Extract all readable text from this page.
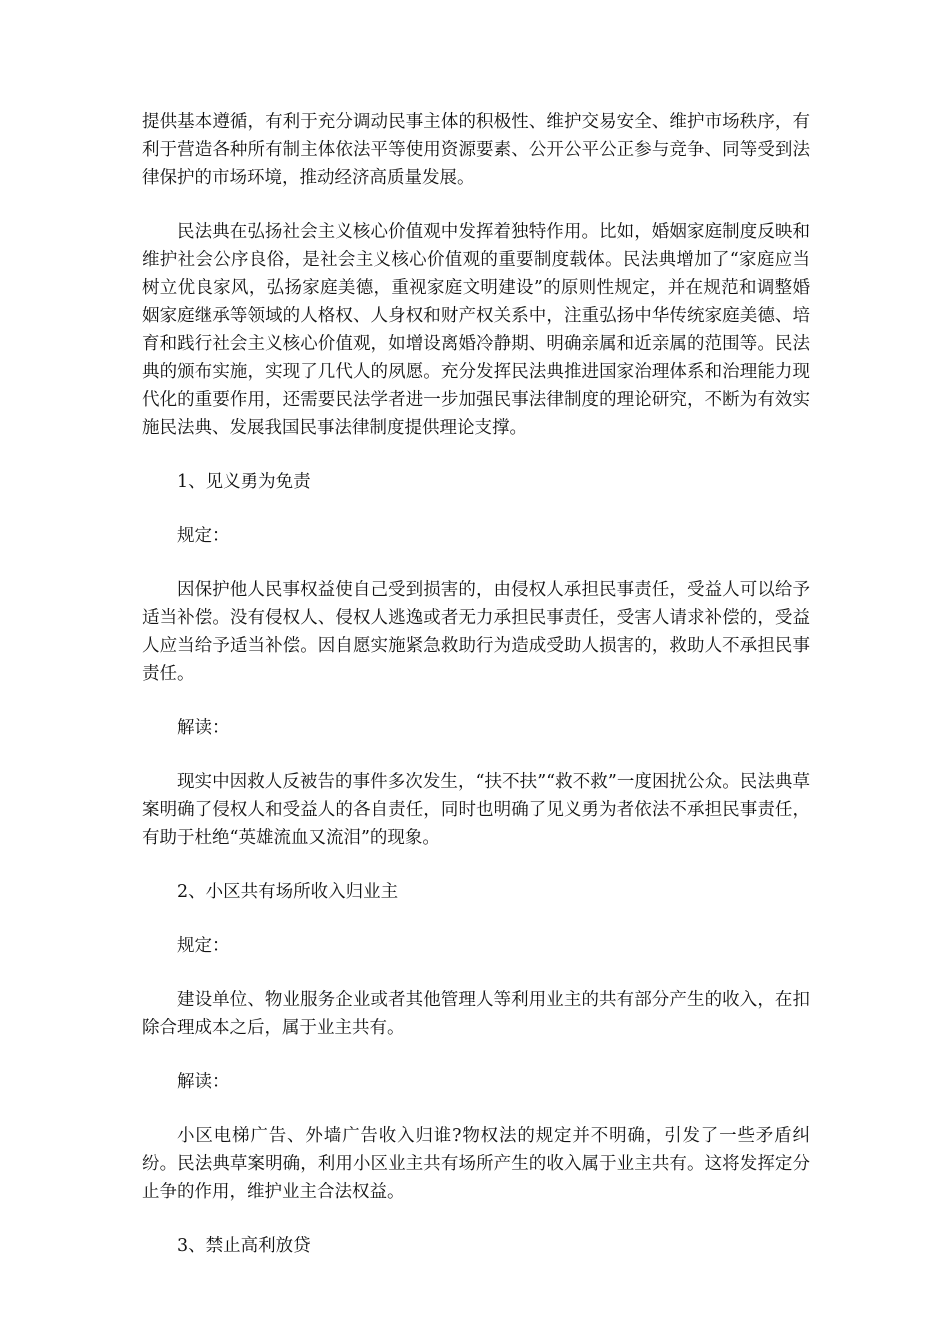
提供基本遵循，有利于充分调动民事主体的积极性、维护交易安全、维护市场秩序，有利于营造各种所有制主体依法平等使用资源要素、公开公平公正参与竞争、同等受到法律保护的市场环境，推动经济高质量发展。

民法典在弘扬社会主义核心价值观中发挥着独特作用。比如，婚姻家庭制度反映和维护社会公序良俗，是社会主义核心价值观的重要制度载体。民法典增加了“家庭应当树立优良家风，弘扬家庭美德，重视家庭文明建设”的原则性规定，并在规范和调整婚姻家庭继承等领域的人格权、人身权和财产权关系中，注重弘扬中华传统家庭美德、培育和践行社会主义核心价值观，如增设离婚冷静期、明确亲属和近亲属的范围等。民法典的颁布实施，实现了几代人的夙愿。充分发挥民法典推进国家治理体系和治理能力现代化的重要作用，还需要民法学者进一步加强民事法律制度的理论研究，不断为有效实施民法典、发展我国民事法律制度提供理论支撑。

1、见义勇为免责

规定：

因保护他人民事权益使自己受到损害的，由侵权人承担民事责任，受益人可以给予适当补偿。没有侵权人、侵权人逃逸或者无力承担民事责任，受害人请求补偿的，受益人应当给予适当补偿。因自愿实施紧急救助行为造成受助人损害的，救助人不承担民事责任。

解读：

现实中因救人反被告的事件多次发生，“扶不扶”“救不救”一度困扰公众。民法典草案明确了侵权人和受益人的各自责任，同时也明确了见义勇为者依法不承担民事责任，有助于杜绝“英雄流血又流泪”的现象。

2、小区共有场所收入归业主

规定：

建设单位、物业服务企业或者其他管理人等利用业主的共有部分产生的收入，在扣除合理成本之后，属于业主共有。

解读：

小区电梯广告、外墙广告收入归谁?物权法的规定并不明确，引发了一些矛盾纠纷。民法典草案明确，利用小区业主共有场所产生的收入属于业主共有。这将发挥定分止争的作用，维护业主合法权益。

3、禁止高利放贷
